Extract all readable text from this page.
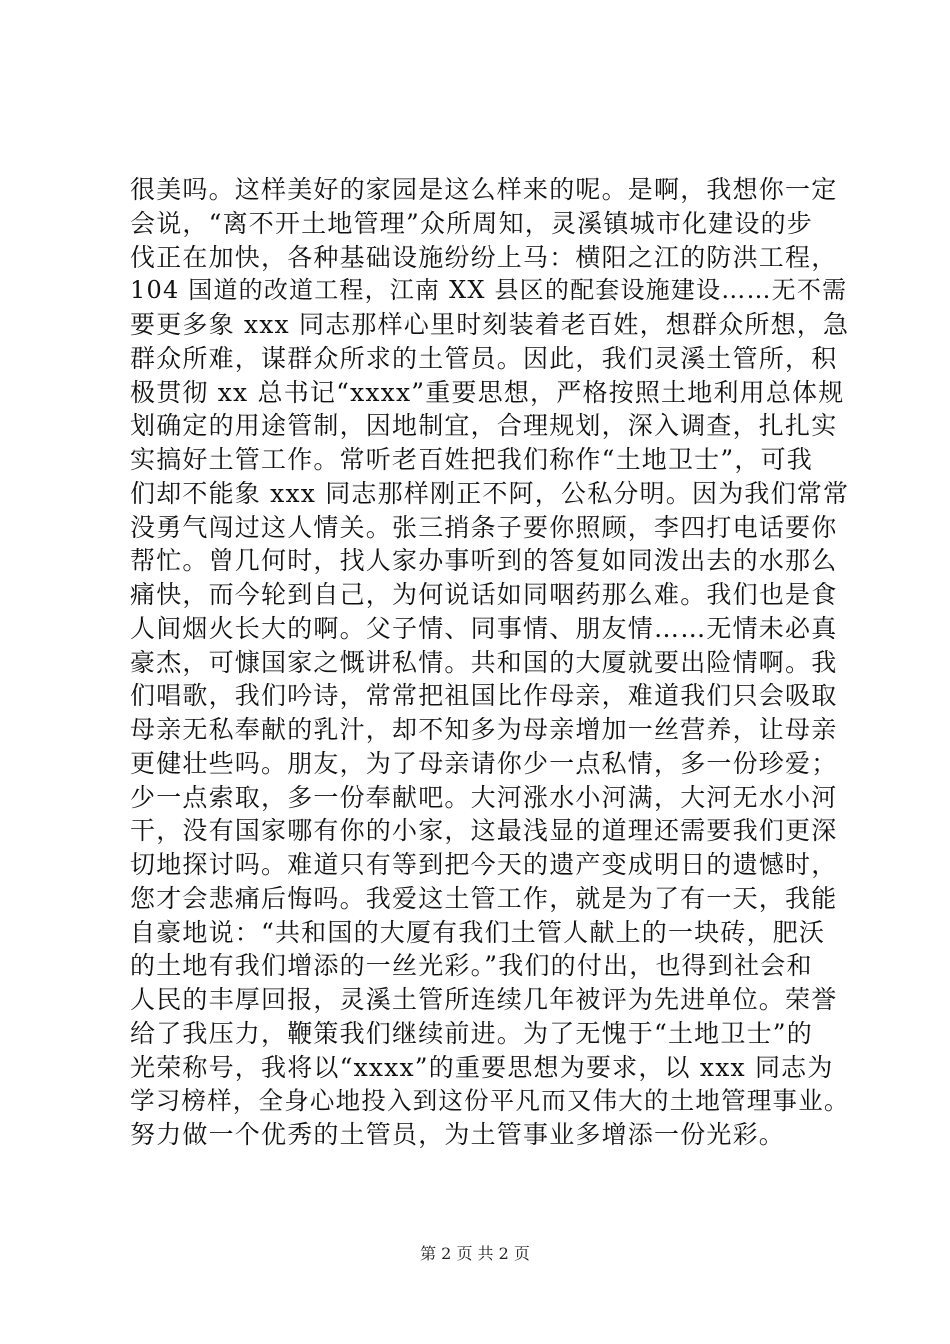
很美吗。这样美好的家园是这么样来的呢。是啊，我想你一定
会说，“离不开土地管理”众所周知，灵溪镇城市化建设的步
伐正在加快，各种基础设施纷纷上马：横阳之江的防洪工程，
104 国道的改道工程，江南 XX 县区的配套设施建设……无不需
要更多象 xxx 同志那样心里时刻装着老百姓，想群众所想，急
群众所难，谋群众所求的土管员。因此，我们灵溪土管所，积
极贯彻 xx 总书记“xxxx”重要思想，严格按照土地利用总体规
划确定的用途管制，因地制宜，合理规划，深入调查，扎扎实
实搞好土管工作。常听老百姓把我们称作“土地卫士”，可我
们却不能象 xxx 同志那样刚正不阿，公私分明。因为我们常常
没勇气闯过这人情关。张三捎条子要你照顾，李四打电话要你
帮忙。曾几何时，找人家办事听到的答复如同泼出去的水那么
痛快，而今轮到自己，为何说话如同咽药那么难。我们也是食
人间烟火长大的啊。父子情、同事情、朋友情……无情未必真
豪杰，可慷国家之慨讲私情。共和国的大厦就要出险情啊。我
们唱歌，我们吟诗，常常把祖国比作母亲，难道我们只会吸取
母亲无私奉献的乳汁，却不知多为母亲增加一丝营养，让母亲
更健壮些吗。朋友，为了母亲请你少一点私情，多一份珍爱；
少一点索取，多一份奉献吧。大河涨水小河满，大河无水小河
干，没有国家哪有你的小家，这最浅显的道理还需要我们更深
切地探讨吗。难道只有等到把今天的遗产变成明日的遗憾时，
您才会悲痛后悔吗。我爱这土管工作，就是为了有一天，我能
自豪地说：“共和国的大厦有我们土管人献上的一块砖，肥沃
的土地有我们增添的一丝光彩。”我们的付出，也得到社会和
人民的丰厚回报，灵溪土管所连续几年被评为先进单位。荣誉
给了我压力，鞭策我们继续前进。为了无愧于“土地卫士”的
光荣称号，我将以“xxxx”的重要思想为要求，以 xxx 同志为
学习榜样，全身心地投入到这份平凡而又伟大的土地管理事业。
努力做一个优秀的土管员，为土管事业多增添一份光彩。
第 2 页 共 2 页
